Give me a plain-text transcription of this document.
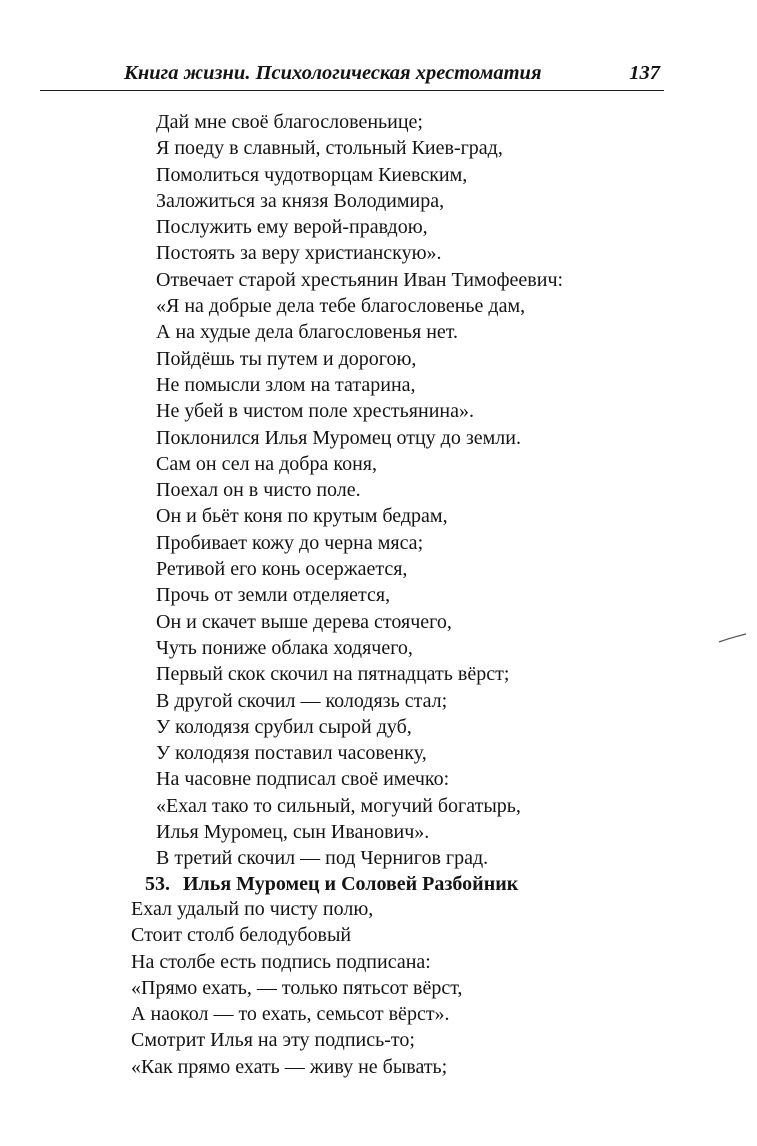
Книга жизни. Психологическая хрестоматия	137
Дай мне своё благословеньице;
Я поеду в славный, стольный Киев-град,
Помолиться чудотворцам Киевским,
Заложиться за князя Володимира,
Послужить ему верой-правдою,
Постоять за веру христианскую».
Отвечает старой хрестьянин Иван Тимофеевич:
«Я на добрые дела тебе благословенье дам,
А на худые дела благословенья нет.
Пойдёшь ты путем и дорогою,
Не помысли злом на татарина,
Не убей в чистом поле хрестьянина».
Поклонился Илья Муромец отцу до земли.
Сам он сел на добра коня,
Поехал он в чисто поле.
Он и бьёт коня по крутым бедрам,
Пробивает кожу до черна мяса;
Ретивой его конь осержается,
Прочь от земли отделяется,
Он и скачет выше дерева стоячего,
Чуть пониже облака ходячего,
Первый скок скочил на пятнадцать вёрст;
В другой скочил — колодязь стал;
У колодязя срубил сырой дуб,
У колодязя поставил часовенку,
На часовне подписал своё имечко:
«Ехал тако то сильный, могучий богатырь,
Илья Муромец, сын Иванович».
В третий скочил — под Чернигов град.
53. Илья Муромец и Соловей Разбойник
Ехал удалый по чисту полю,
Стоит столб белодубовый
На столбе есть подпись подписана:
«Прямо ехать, — только пятьсот вёрст,
А наокол — то ехать, семьсот вёрст».
Смотрит Илья на эту подпись-то;
«Как прямо ехать — живу не бывать;
